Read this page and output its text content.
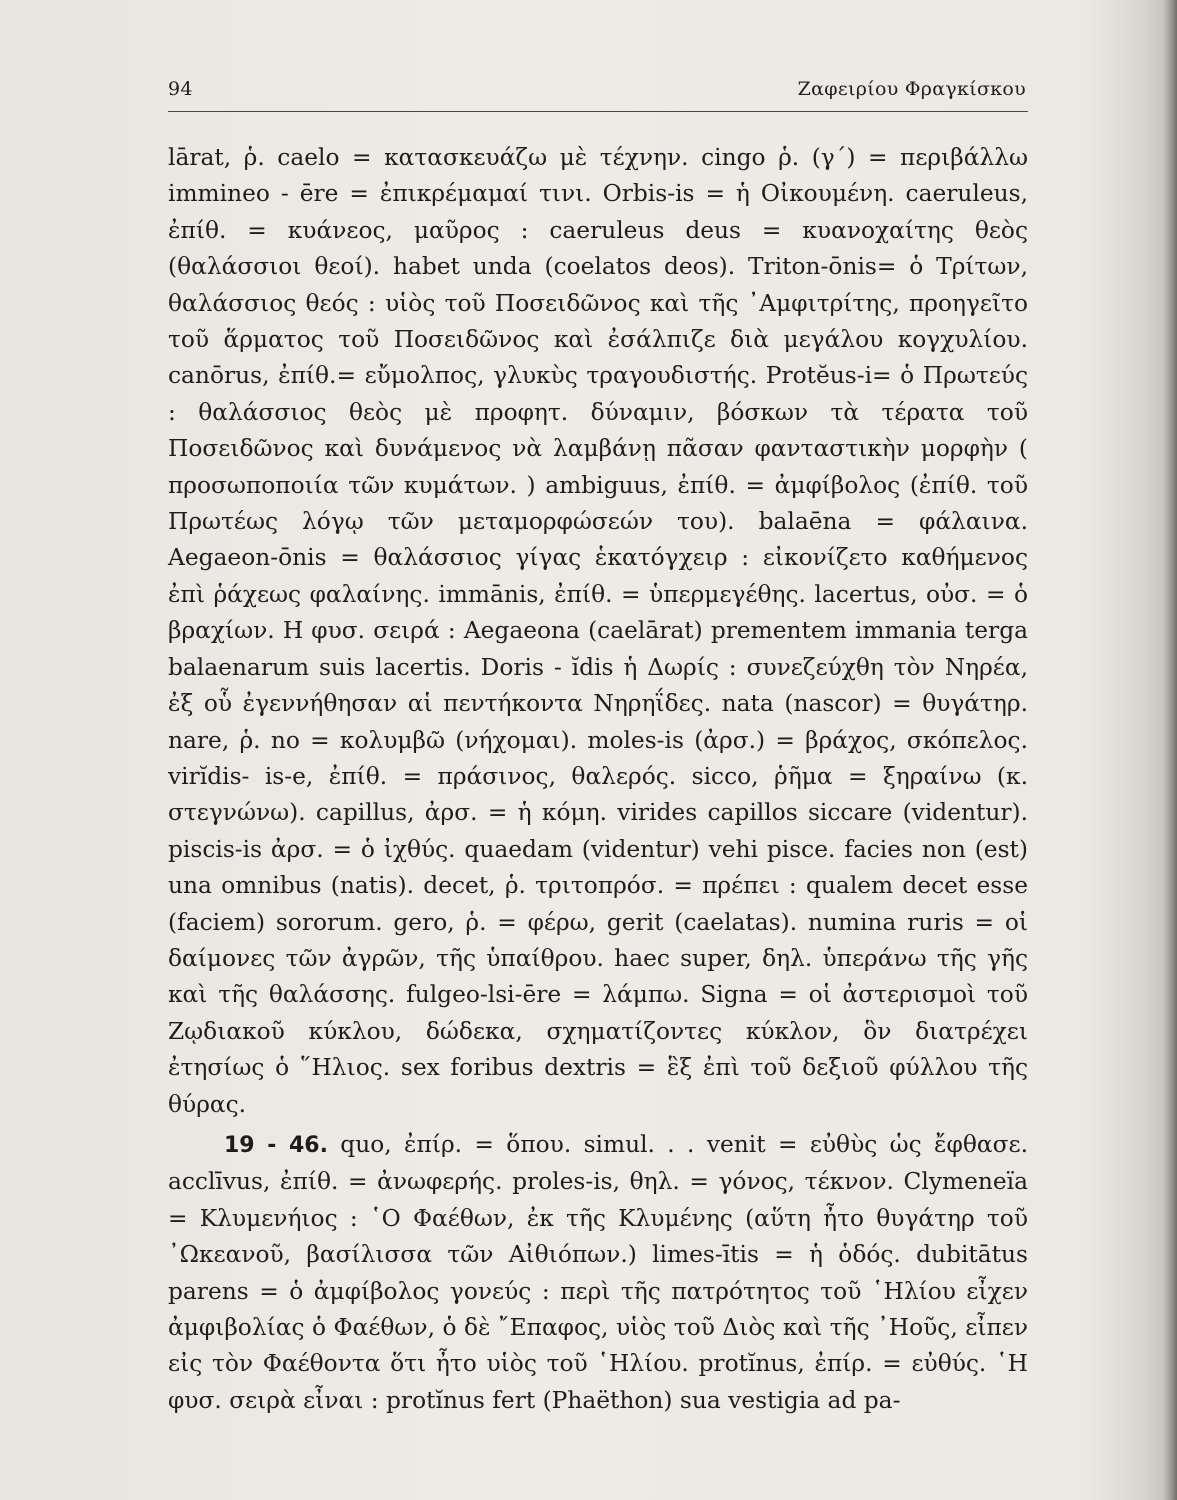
94	Ζαφειρίου Φραγκίσκου

lārat, ῥ. caelo = κατασκευάζω μὲ τέχνην. cingo ῥ. (γ΄) = περιβάλλω immineo - ēre = ἐπικρέμαμαί τινι. Orbis-is = ἡ Οἰκουμένη. caeruleus, ἐπίθ. = κυάνεος, μαῦρος : caeruleus deus = κυανοχαίτης θεὸς (θαλάσσιοι θεοί). habet unda (coelatos deos). Triton-ōnis= ὁ Τρίτων, θαλάσσιος θεός : υἱὸς τοῦ Ποσειδῶνος καὶ τῆς ᾿Αμφιτρίτης, προηγεῖτο τοῦ ἅρματος τοῦ Ποσειδῶνος καὶ ἐσάλπιζε διὰ μεγάλου κογχυλίου. canōrus, ἐπίθ.= εὔμολπος, γλυκὺς τραγουδιστής. Protĕus-i= ὁ Πρωτεύς : θαλάσσιος θεὸς μὲ προφητ. δύναμιν, βόσκων τὰ τέρατα τοῦ Ποσειδῶνος καὶ δυνάμενος νὰ λαμβάνῃ πᾶσαν φανταστικὴν μορφὴν ( προσωποποιία τῶν κυμάτων. ) ambiguus, ἐπίθ. = ἀμφίβολος (ἐπίθ. τοῦ Πρωτέως λόγῳ τῶν μεταμορφώσεών του). balaēna = φάλαινα. Aegaeon-ōnis = θαλάσσιος γίγας ἑκατόγχειρ : εἰκονίζετο καθήμενος ἐπὶ ῥάχεως φαλαίνης. immānis, ἐπίθ. = ὑπερμεγέθης. lacertus, οὐσ. = ὁ βραχίων. Η φυσ. σειρά : Aegaeona (caelārat) prementem immania terga balaenarum suis lacertis. Doris - ĭdis ἡ Δωρίς : συνεζεύχθη τὸν Νηρέα, ἐξ οὗ ἐγεννήθησαν αἱ πεντήκοντα Νηρηΐδες. nata (nascor) = θυγάτηρ. nare, ῥ. no = κολυμβῶ (νήχομαι). moles-is (ἀρσ.) = βράχος, σκόπελος. virĭdis- is-e, ἐπίθ. = πράσινος, θαλερός. sicco, ῥῆμα = ξηραίνω (κ. στεγνώνω). capillus, ἀρσ. = ἡ κόμη. virides capillos siccare (videntur). piscis-is ἀρσ. = ὁ ἰχθύς. quaedam (videntur) vehi pisce. facies non (est) una omnibus (natis). decet, ῥ. τριτοπρόσ. = πρέπει : qualem decet esse (faciem) sororum. gero, ῥ. = φέρω, gerit (caelatas). numina ruris = οἱ δαίμονες τῶν ἀγρῶν, τῆς ὑπαίθρου. haec super, δηλ. ὑπεράνω τῆς γῆς καὶ τῆς θαλάσσης. fulgeo-lsi-ēre = λάμπω. Signa = οἱ ἀστερισμοὶ τοῦ Ζῳδιακοῦ κύκλου, δώδεκα, σχηματίζοντες κύκλον, ὃν διατρέχει ἐτησίως ὁ ῞Ηλιος. sex foribus dextris = ἓξ ἐπὶ τοῦ δεξιοῦ φύλλου τῆς θύρας.

19 - 46. quo, ἐπίρ. = ὅπου. simul. . . venit = εὐθὺς ὡς ἔφθασε. acclīvus, ἐπίθ. = ἀνωφερής. proles-is, θηλ. = γόνος, τέκνον. Clymeneïa = Κλυμενήιος : ῾Ο Φαέθων, ἐκ τῆς Κλυμένης (αὕτη ἦτο θυγάτηρ τοῦ ᾿Ωκεανοῦ, βασίλισσα τῶν Αἰθιόπων.) limes-ītis = ἡ ὁδός. dubitātus parens = ὁ ἀμφίβολος γονεύς : περὶ τῆς πατρότητος τοῦ ῾Ηλίου εἶχεν ἀμφιβολίας ὁ Φαέθων, ὁ δὲ ῎Επαφος, υἱὸς τοῦ Διὸς καὶ τῆς ᾿Ηοῦς, εἶπεν εἰς τὸν Φαέθοντα ὅτι ἦτο υἱὸς τοῦ ῾Ηλίου. protĭnus, ἐπίρ. = εὐθύς. ῾Η φυσ. σειρὰ εἶναι : protĭnus fert (Phaëthon) sua vestigia ad pa-
